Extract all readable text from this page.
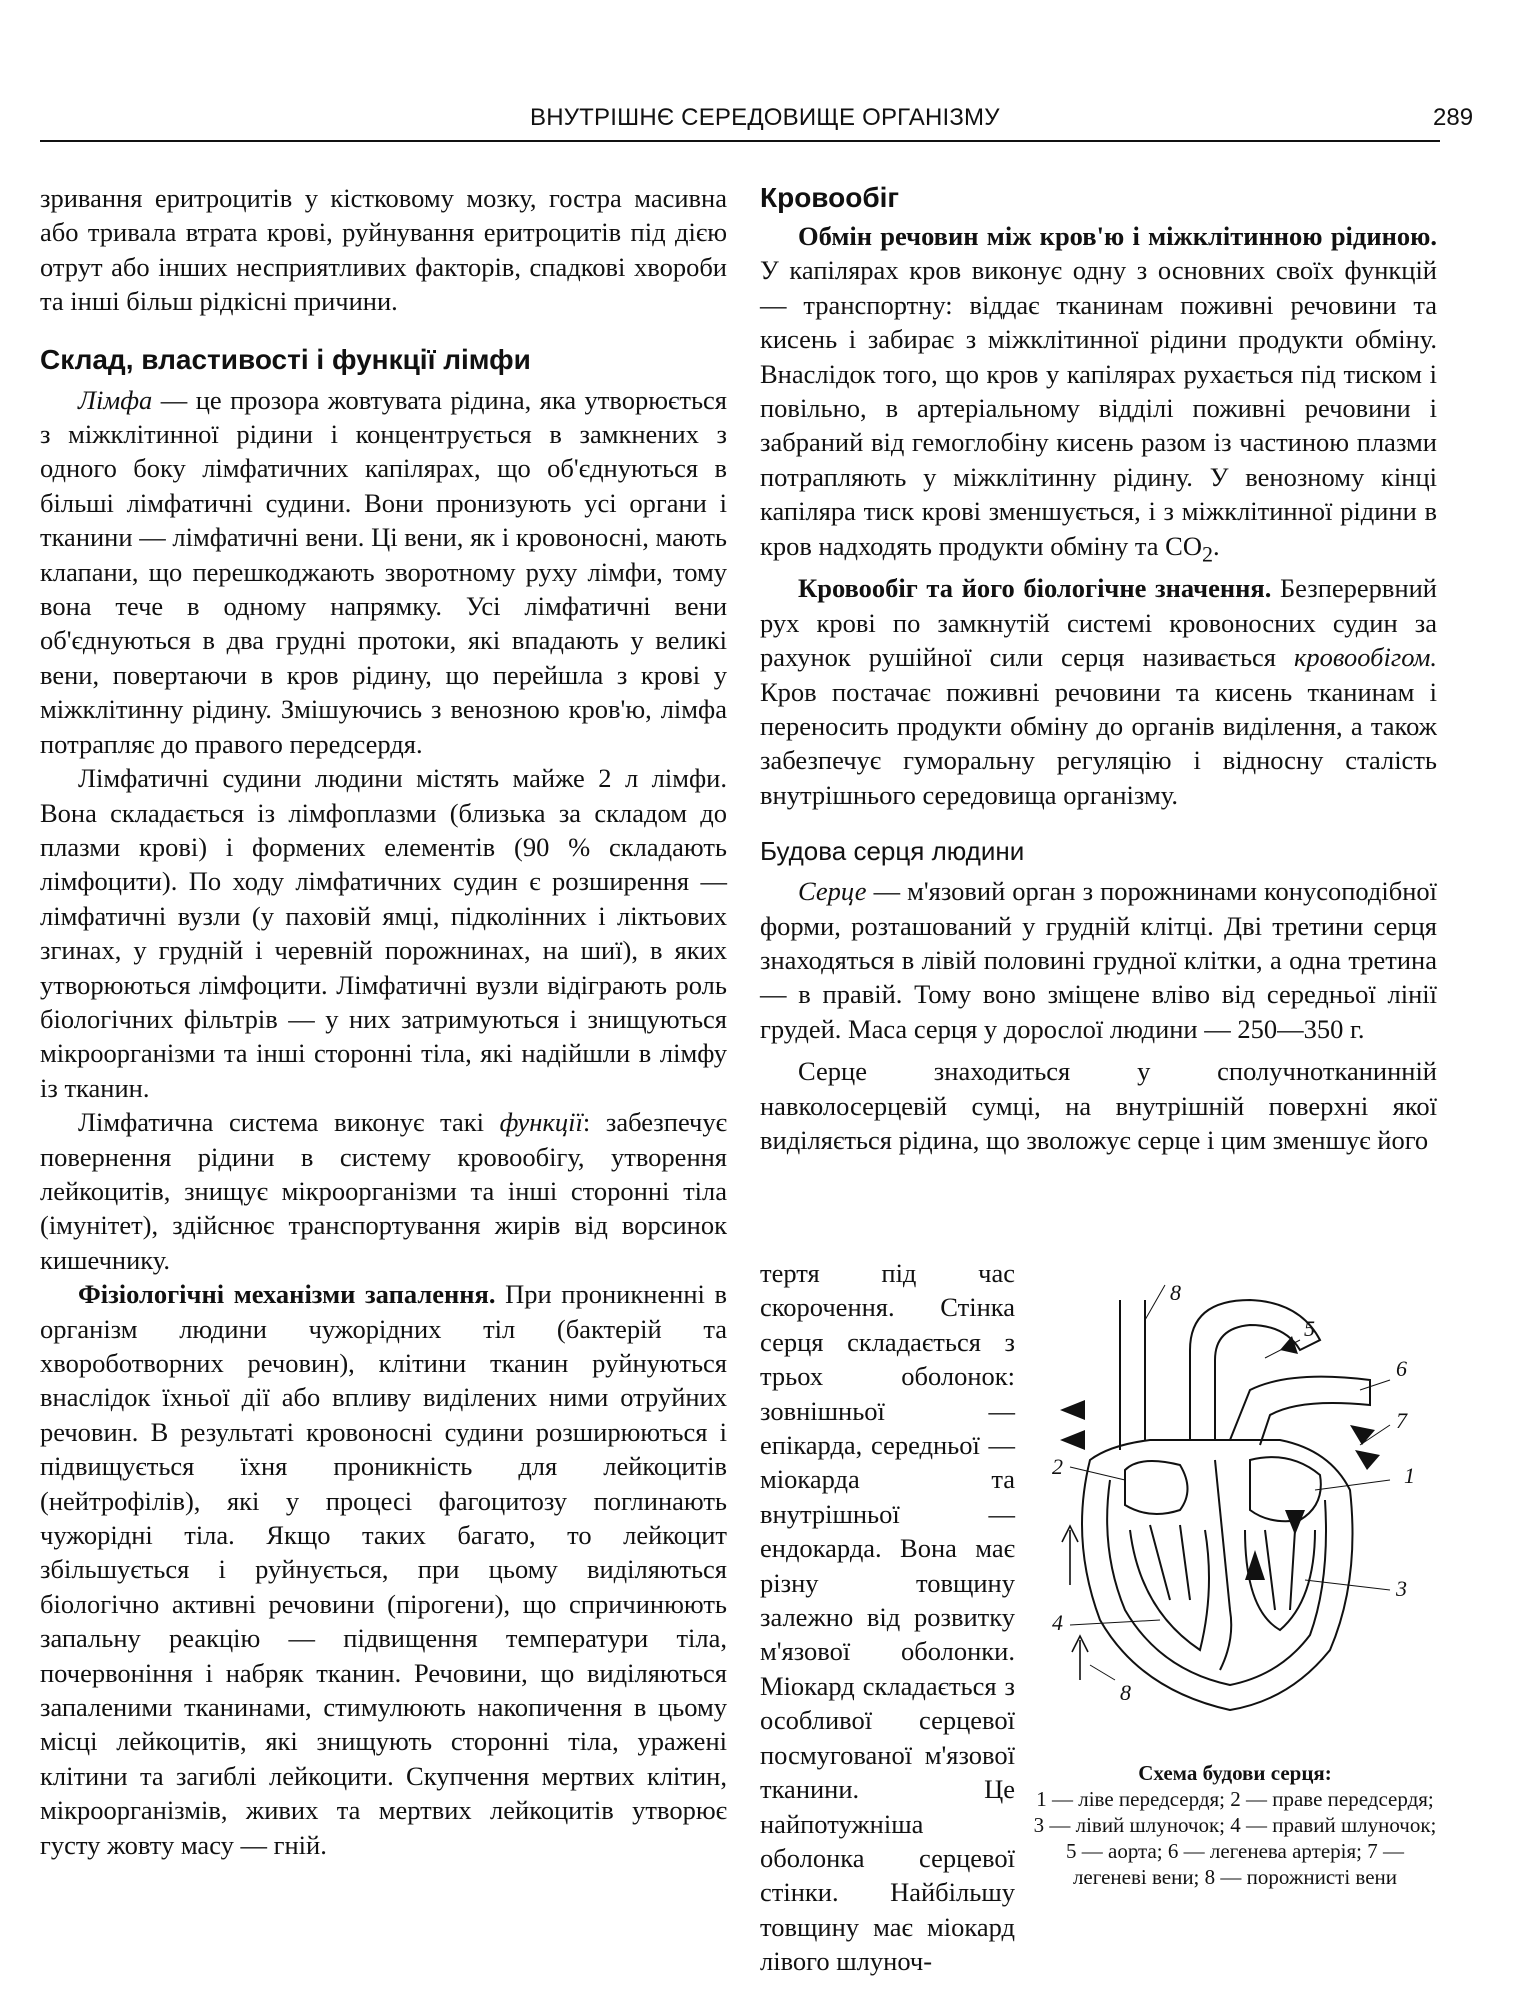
ВНУТРІШНЄ СЕРЕДОВИЩЕ ОРГАНІЗМУ	289

зривання еритроцитів у кістковому мозку, гостра масивна або тривала втрата крові, руйнування еритроцитів під дією отрут або інших несприятливих факторів, спадкові хвороби та інші більш рідкісні причини.

Склад, властивості і функції лімфи

Лімфа — це прозора жовтувата рідина, яка утворюється з міжклітинної рідини і концентрується в замкнених з одного боку лімфатичних капілярах, що об'єднуються в більші лімфатичні судини. Вони пронизують усі органи і тканини — лімфатичні вени. Ці вени, як і кровоносні, мають клапани, що перешкоджають зворотному руху лімфи, тому вона тече в одному напрямку. Усі лімфатичні вени об'єднуються в два грудні протоки, які впадають у великі вени, повертаючи в кров рідину, що перейшла з крові у міжклітинну рідину. Змішуючись з венозною кров'ю, лімфа потрапляє до правого передсердя.

Лімфатичні судини людини містять майже 2 л лімфи. Вона складається із лімфоплазми (близька за складом до плазми крові) і формених елементів (90 % складають лімфоцити). По ходу лімфатичних судин є розширення — лімфатичні вузли (у паховій ямці, підколінних і ліктьових згинах, у грудній і черевній порожнинах, на шиї), в яких утворюються лімфоцити. Лімфатичні вузли відіграють роль біологічних фільтрів — у них затримуються і знищуються мікроорганізми та інші сторонні тіла, які надійшли в лімфу із тканин.

Лімфатична система виконує такі функції: забезпечує повернення рідини в систему кровообігу, утворення лейкоцитів, знищує мікроорганізми та інші сторонні тіла (імунітет), здійснює транспортування жирів від ворсинок кишечнику.

Фізіологічні механізми запалення. При проникненні в організм людини чужорідних тіл (бактерій та хвороботворних речовин), клітини тканин руйнуються внаслідок їхньої дії або впливу виділених ними отруйних речовин. В результаті кровоносні судини розширюються і підвищується їхня проникність для лейкоцитів (нейтрофілів), які у процесі фагоцитозу поглинають чужорідні тіла. Якщо таких багато, то лейкоцит збільшується і руйнується, при цьому виділяються біологічно активні речовини (пірогени), що спричинюють запальну реакцію — підвищення температури тіла, почервоніння і набряк тканин. Речовини, що виділяються запаленими тканинами, стимулюють накопичення в цьому місці лейкоцитів, які знищують сторонні тіла, уражені клітини та загиблі лейкоцити. Скупчення мертвих клітин, мікроорганізмів, живих та мертвих лейкоцитів утворює густу жовту масу — гній.

Кровообіг

Обмін речовин між кров'ю і міжклітинною рідиною. У капілярах кров виконує одну з основних своїх функцій — транспортну: віддає тканинам поживні речовини та кисень і забирає з міжклітинної рідини продукти обміну. Внаслідок того, що кров у капілярах рухається під тиском і повільно, в артеріальному відділі поживні речовини і забраний від гемоглобіну кисень разом із частиною плазми потрапляють у міжклітинну рідину. У венозному кінці капіляра тиск крові зменшується, і з міжклітинної рідини в кров надходять продукти обміну та $СО_2$.

Кровообіг та його біологічне значення. Безперервний рух крові по замкнутій системі кровоносних судин за рахунок рушійної сили серця називається кровообігом. Кров постачає поживні речовини та кисень тканинам і переносить продукти обміну до органів виділення, а також забезпечує гуморальну регуляцію і відносну сталість внутрішнього середовища організму.

Будова серця людини

Серце — м'язовий орган з порожнинами конусоподібної форми, розташований у грудній клітці. Дві третини серця знаходяться в лівій половині грудної клітки, а одна третина — в правій. Тому воно зміщене вліво від середньої лінії грудей. Маса серця у дорослої людини — 250—350 г.

Серце знаходиться у сполучнотканинній навколосерцевій сумці, на внутрішній поверхні якої виділяється рідина, що зволожує серце і цим зменшує його

тертя під час скорочення. Стінка серця складається з трьох оболонок: зовнішньої — епікарда, середньої — міокарда та внутрішньої — ендокарда. Вона має різну товщину залежно від розвитку м'язової оболонки. Міокард складається з особливої серцевої посмугованої м'язової тканини. Це найпотужніша оболонка серцевої стінки. Найбільшу товщину має міокард лівого шлуноч-

1
2
3
4
5
6
7
8
8
Схема будови серця:
1 — ліве передсердя; 2 — праве передсердя; 3 — лівий шлуночок; 4 — правий шлуночок; 5 — аорта; 6 — легенева артерія; 7 — легеневі вени; 8 — порожнисті вени
